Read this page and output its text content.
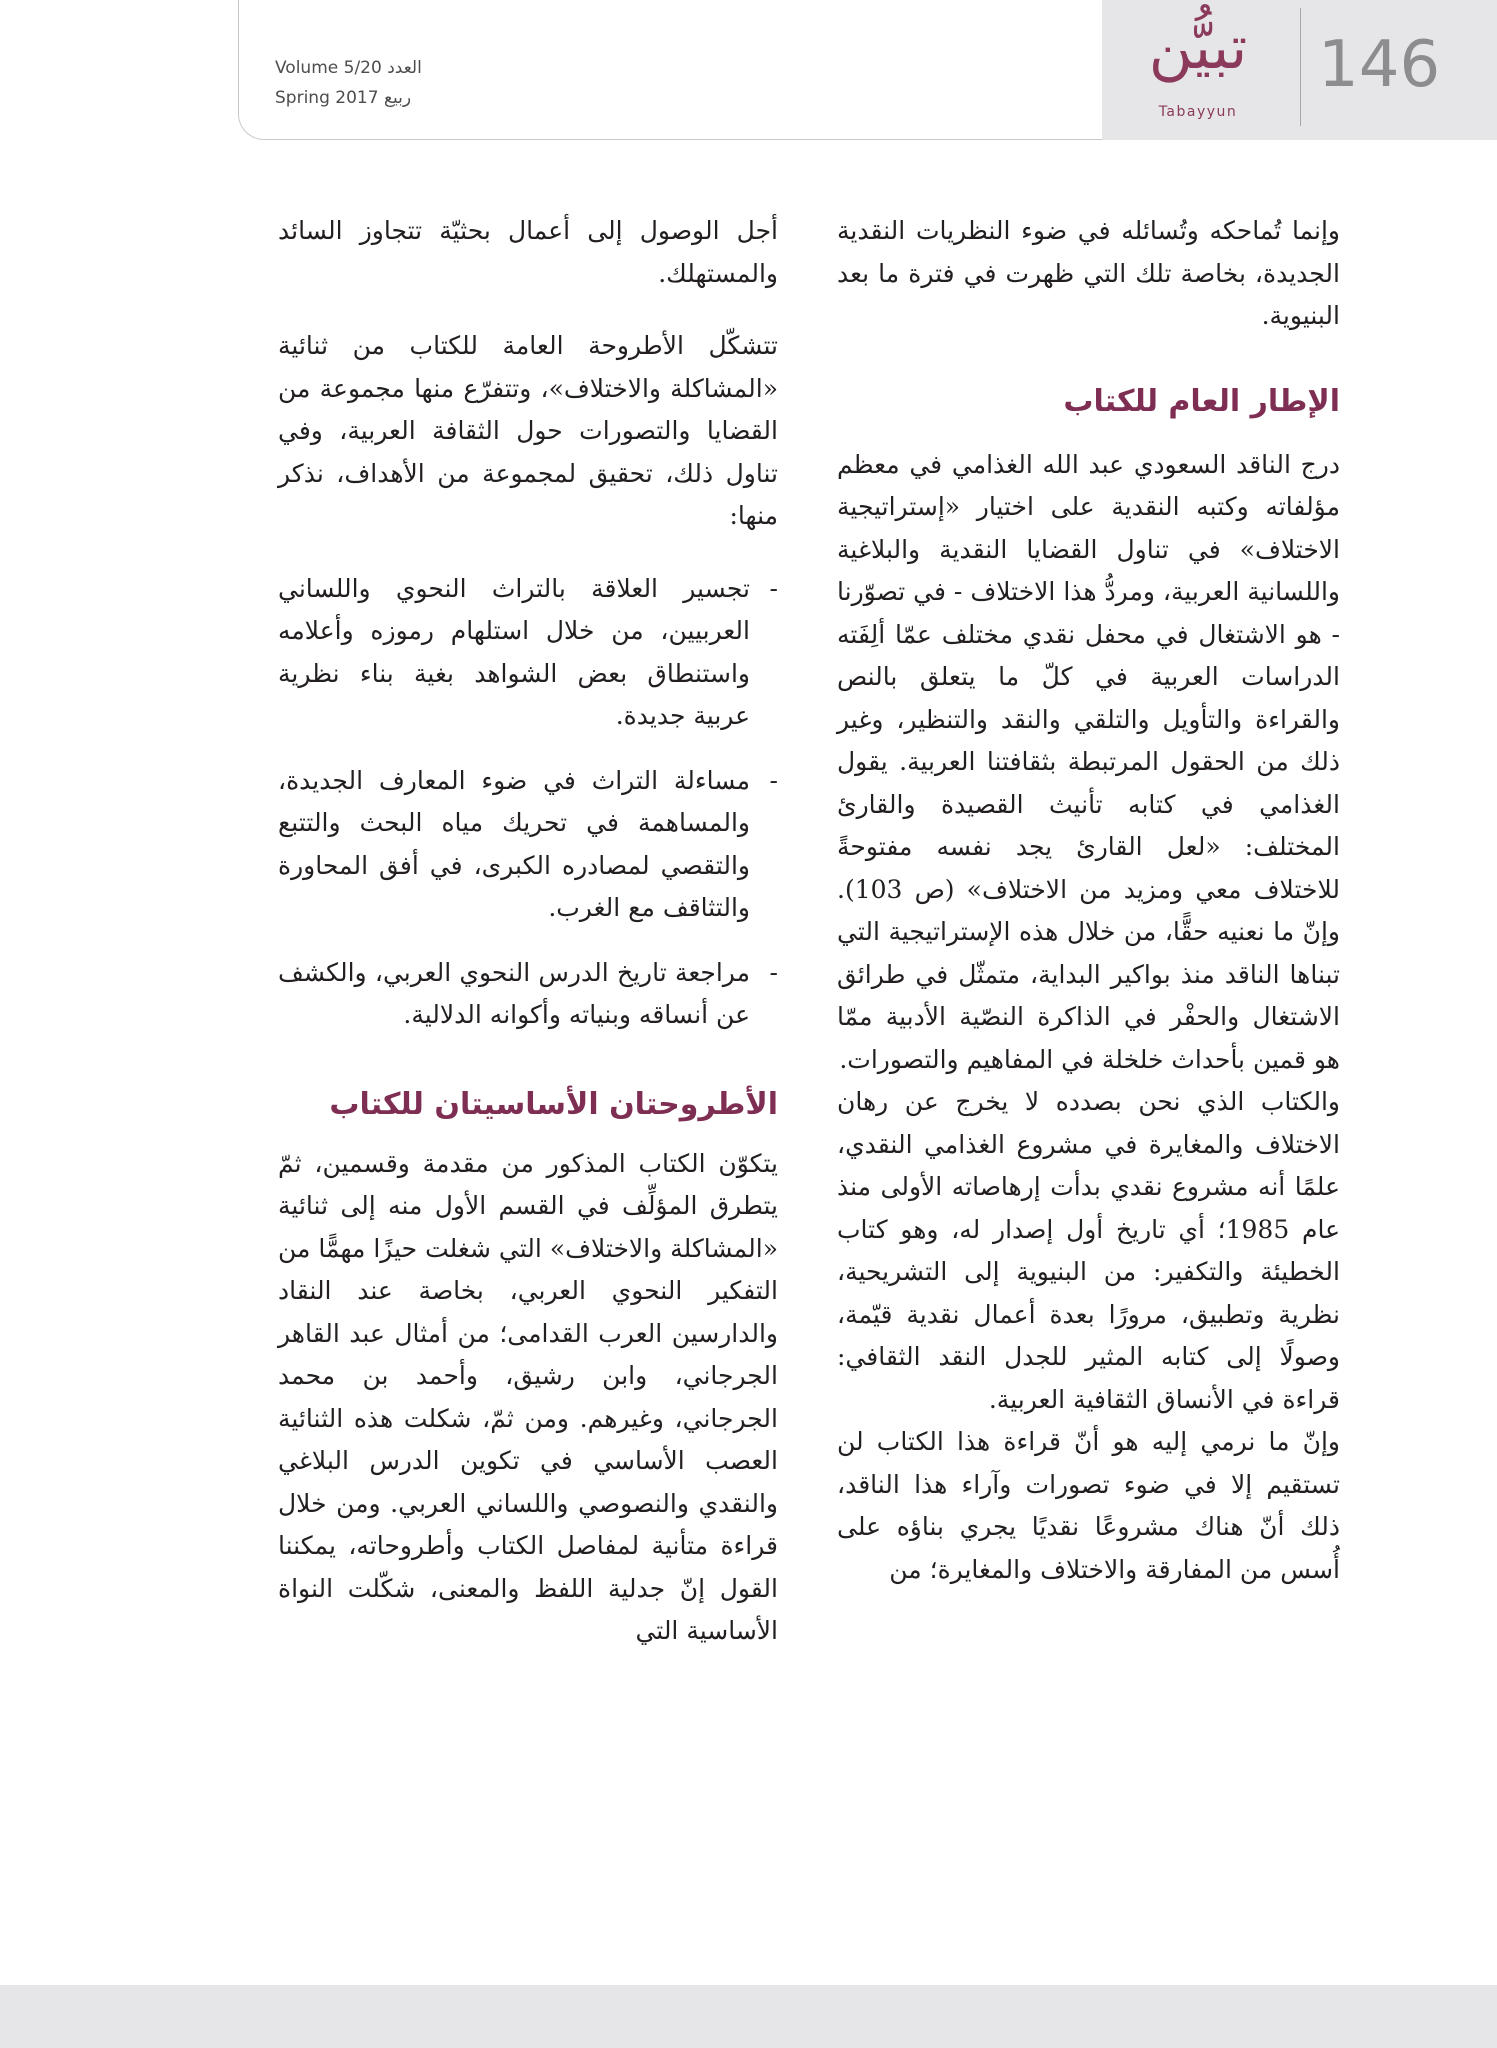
Volume 5/20 العدد
Spring 2017 ربيع
تبيُّن
Tabayyun
146

وإنما تُماحكه وتُسائله في ضوء النظريات النقدية الجديدة، بخاصة تلك التي ظهرت في فترة ما بعد البنيوية.

الإطار العام للكتاب

درج الناقد السعودي عبد الله الغذامي في معظم مؤلفاته وكتبه النقدية على اختيار «إستراتيجية الاختلاف» في تناول القضايا النقدية والبلاغية واللسانية العربية، ومردُّ هذا الاختلاف - في تصوّرنا - هو الاشتغال في محفل نقدي مختلف عمّا ألِفَته الدراسات العربية في كلّ ما يتعلق بالنص والقراءة والتأويل والتلقي والنقد والتنظير، وغير ذلك من الحقول المرتبطة بثقافتنا العربية. يقول الغذامي في كتابه تأنيث القصيدة والقارئ المختلف: «لعل القارئ يجد نفسه مفتوحةً للاختلاف معي ومزيد من الاختلاف» (ص 103). وإنّ ما نعنيه حقًّا، من خلال هذه الإستراتيجية التي تبناها الناقد منذ بواكير البداية، متمثّل في طرائق الاشتغال والحفْر في الذاكرة النصّية الأدبية ممّا هو قمين بأحداث خلخلة في المفاهيم والتصورات.

والكتاب الذي نحن بصدده لا يخرج عن رهان الاختلاف والمغايرة في مشروع الغذامي النقدي، علمًا أنه مشروع نقدي بدأت إرهاصاته الأولى منذ عام 1985؛ أي تاريخ أول إصدار له، وهو كتاب الخطيئة والتكفير: من البنيوية إلى التشريحية، نظرية وتطبيق، مرورًا بعدة أعمال نقدية قيّمة، وصولًا إلى كتابه المثير للجدل النقد الثقافي: قراءة في الأنساق الثقافية العربية.

وإنّ ما نرمي إليه هو أنّ قراءة هذا الكتاب لن تستقيم إلا في ضوء تصورات وآراء هذا الناقد، ذلك أنّ هناك مشروعًا نقديًا يجري بناؤه على أُسس من المفارقة والاختلاف والمغايرة؛ من

أجل الوصول إلى أعمال بحثيّة تتجاوز السائد والمستهلك.

تتشكّل الأطروحة العامة للكتاب من ثنائية «المشاكلة والاختلاف»، وتتفرّع منها مجموعة من القضايا والتصورات حول الثقافة العربية، وفي تناول ذلك، تحقيق لمجموعة من الأهداف، نذكر منها:

-
تجسير العلاقة بالتراث النحوي واللساني العربيين، من خلال استلهام رموزه وأعلامه واستنطاق بعض الشواهد بغية بناء نظرية عربية جديدة.
-
مساءلة التراث في ضوء المعارف الجديدة، والمساهمة في تحريك مياه البحث والتتبع والتقصي لمصادره الكبرى، في أفق المحاورة والتثاقف مع الغرب.
-
مراجعة تاريخ الدرس النحوي العربي، والكشف عن أنساقه وبنياته وأكوانه الدلالية.
الأطروحتان الأساسيتان للكتاب

يتكوّن الكتاب المذكور من مقدمة وقسمين، ثمّ يتطرق المؤلِّف في القسم الأول منه إلى ثنائية «المشاكلة والاختلاف» التي شغلت حيزًا مهمًّا من التفكير النحوي العربي، بخاصة عند النقاد والدارسين العرب القدامى؛ من أمثال عبد القاهر الجرجاني، وابن رشيق، وأحمد بن محمد الجرجاني، وغيرهم. ومن ثمّ، شكلت هذه الثنائية العصب الأساسي في تكوين الدرس البلاغي والنقدي والنصوصي واللساني العربي. ومن خلال قراءة متأنية لمفاصل الكتاب وأطروحاته، يمكننا القول إنّ جدلية اللفظ والمعنى، شكّلت النواة الأساسية التي
